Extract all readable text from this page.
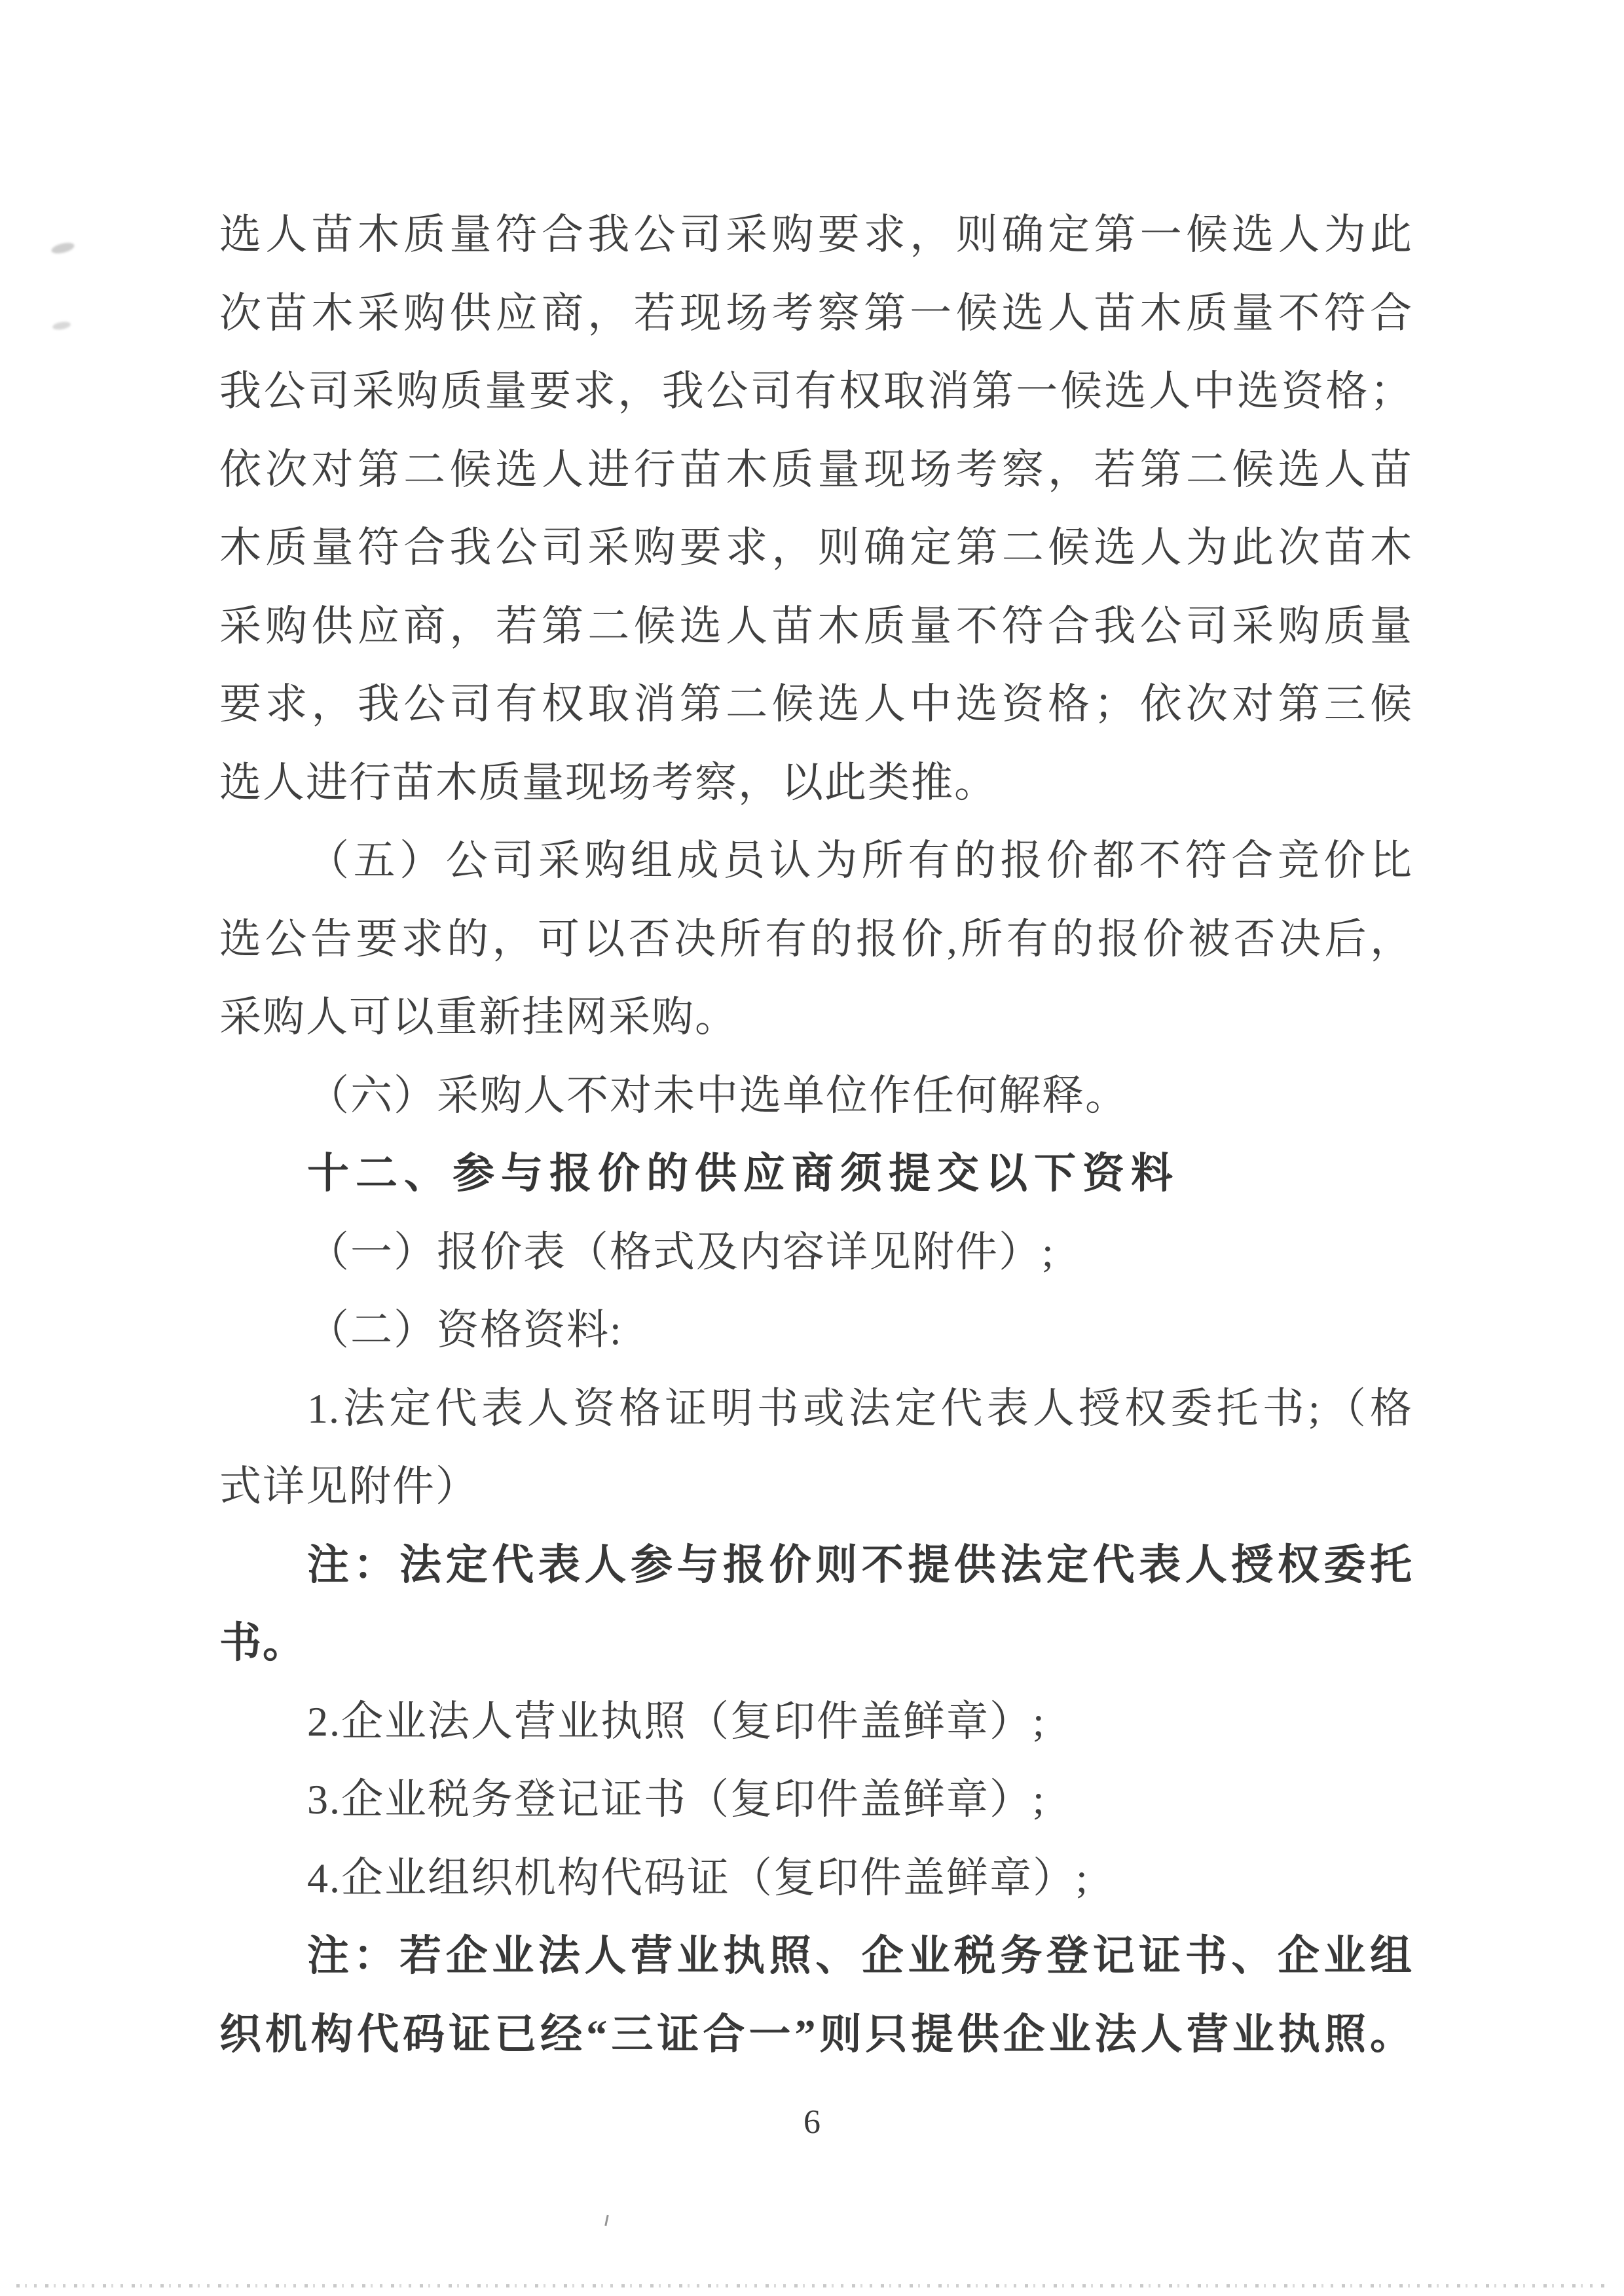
选人苗木质量符合我公司采购要求，则确定第一候选人为此
次苗木采购供应商，若现场考察第一候选人苗木质量不符合
我公司采购质量要求，我公司有权取消第一候选人中选资格；
依次对第二候选人进行苗木质量现场考察，若第二候选人苗
木质量符合我公司采购要求，则确定第二候选人为此次苗木
采购供应商，若第二候选人苗木质量不符合我公司采购质量
要求，我公司有权取消第二候选人中选资格；依次对第三候
选人进行苗木质量现场考察，以此类推。
（五）公司采购组成员认为所有的报价都不符合竞价比
选公告要求的，可以否决所有的报价,所有的报价被否决后，
采购人可以重新挂网采购。
（六）采购人不对未中选单位作任何解释。
十二、参与报价的供应商须提交以下资料
（一）报价表（格式及内容详见附件）;
（二）资格资料:
1.法定代表人资格证明书或法定代表人授权委托书;（格
式详见附件）
注：法定代表人参与报价则不提供法定代表人授权委托
书。
2.企业法人营业执照（复印件盖鲜章）;
3.企业税务登记证书（复印件盖鲜章）;
4.企业组织机构代码证（复印件盖鲜章）;
注：若企业法人营业执照、企业税务登记证书、企业组
织机构代码证已经“三证合一”则只提供企业法人营业执照。
6
